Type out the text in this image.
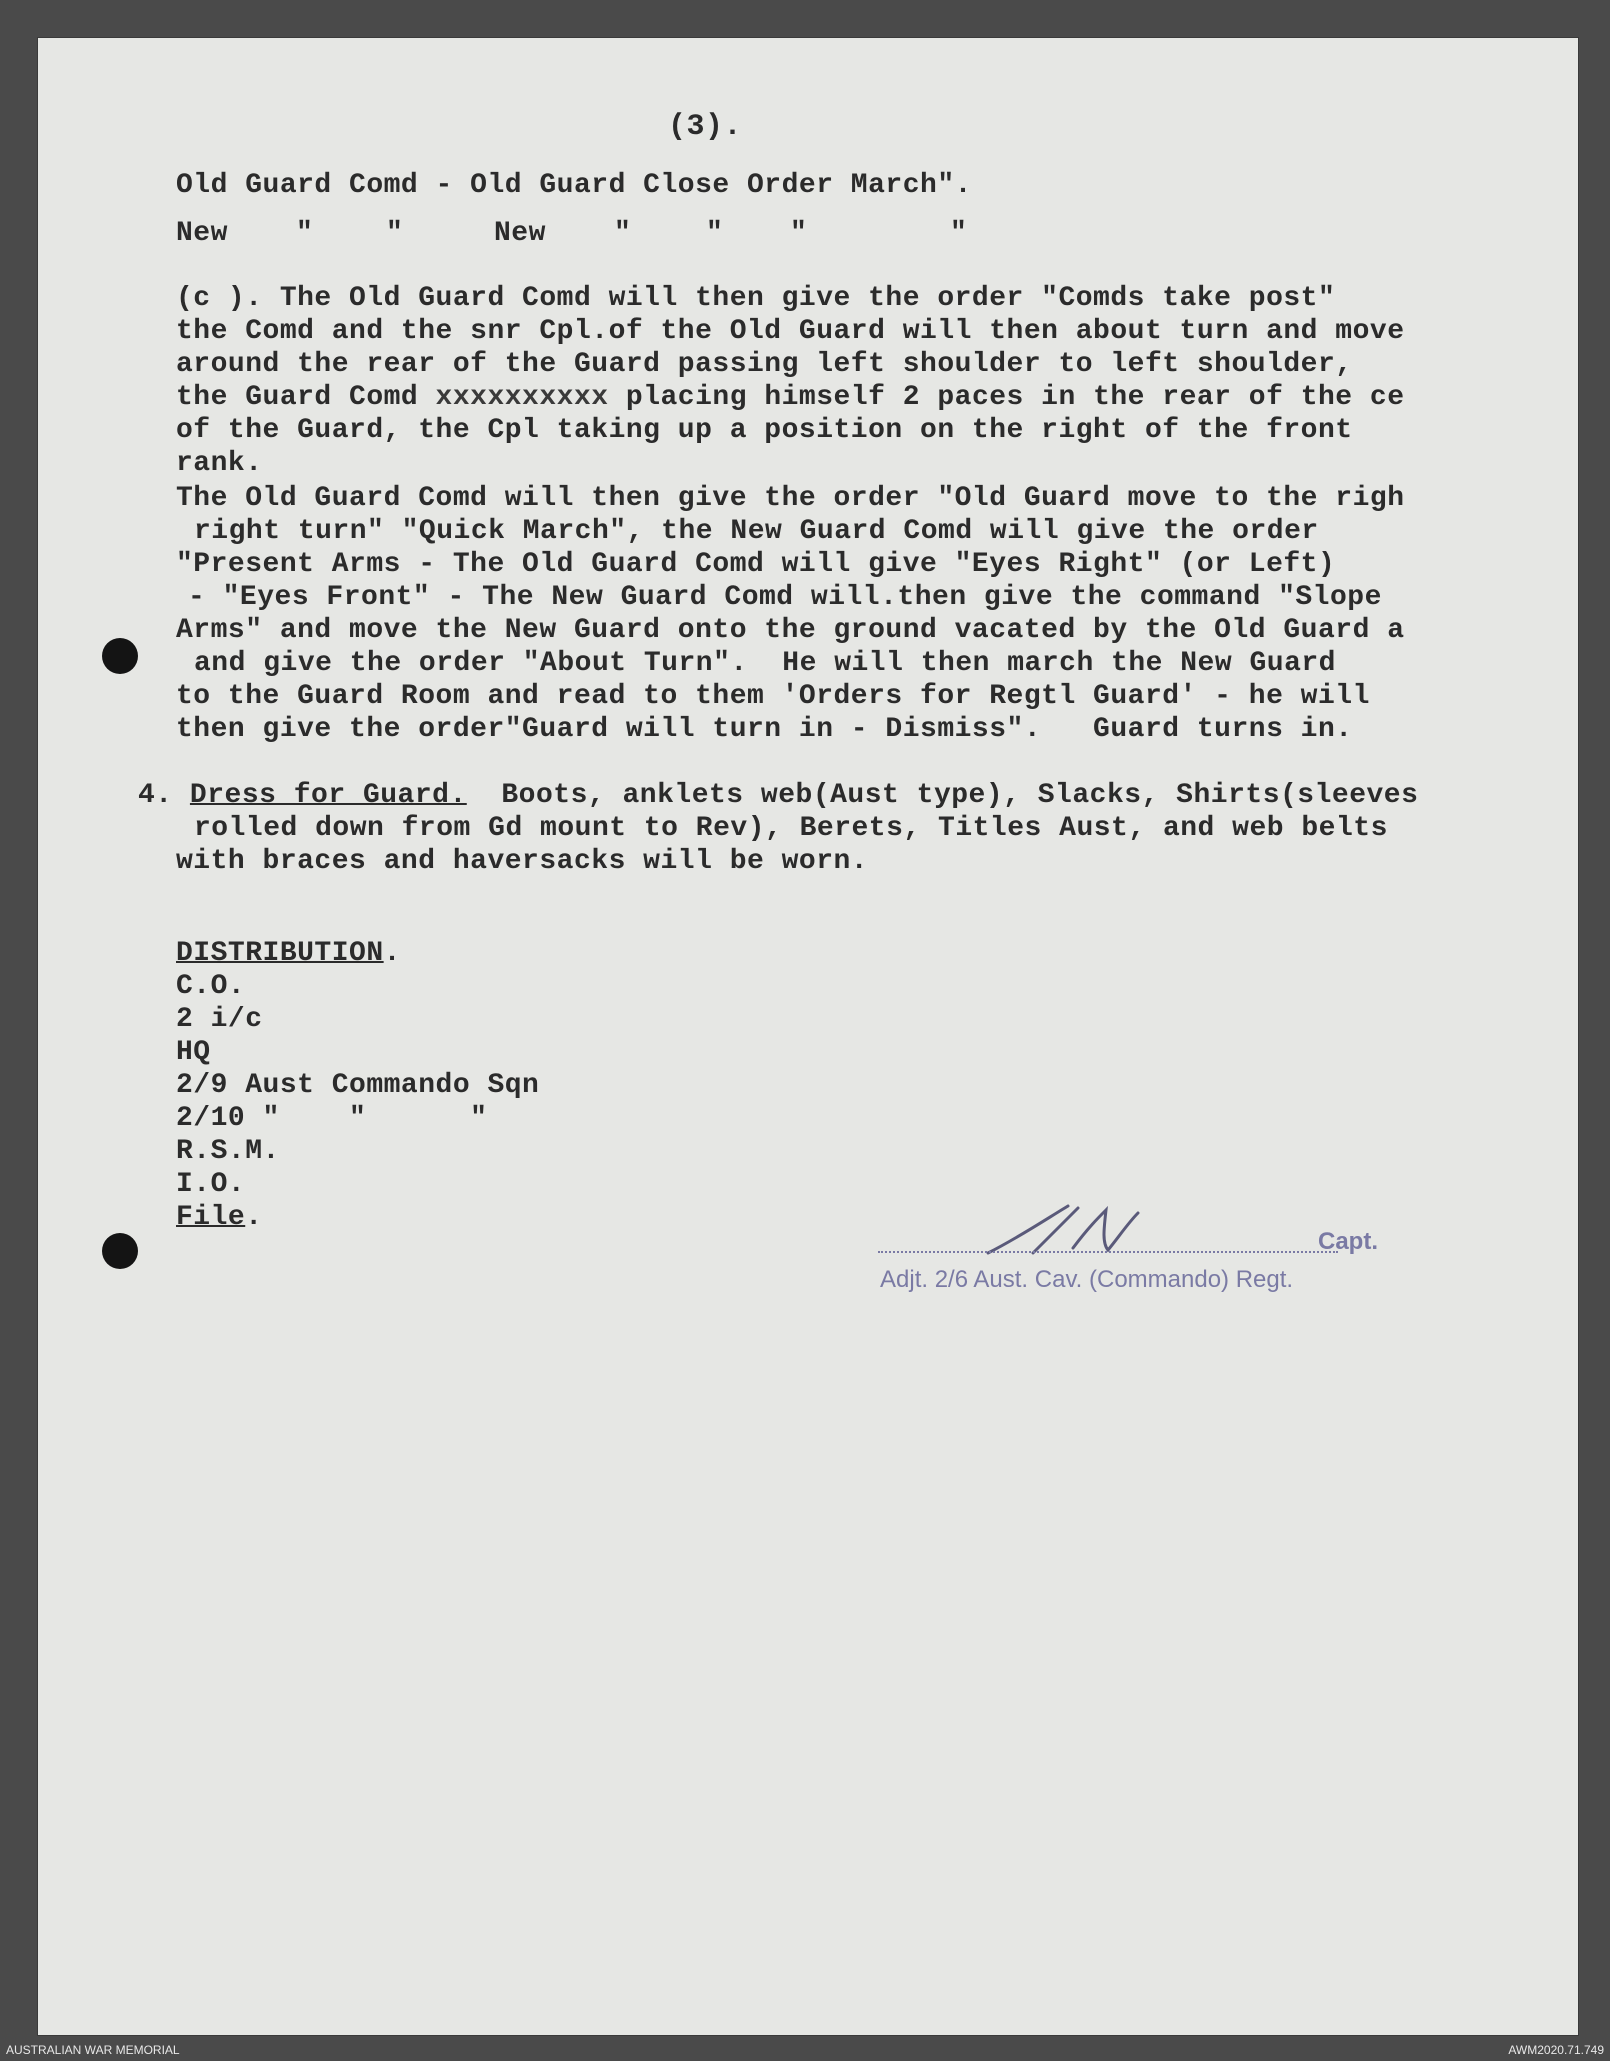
(3).

Old Guard Comd - Old Guard Close Order March".

New

"

	"

	New

"

	"

"

	"

(c ). The Old Guard Comd will then give the order "Comds take post"

the Comd and the snr Cpl.of the Old Guard will then about turn and move

around the rear of the Guard passing left shoulder to left shoulder,

the Guard Comd xxxxxxxxxx placing himself 2 paces in the rear of the ce

of the Guard, the Cpl taking up a position on the right of the front

rank.

The Old Guard Comd will then give the order "Old Guard move to the righ

right turn" "Quick March", the New Guard Comd will give the order

"Present Arms - The Old Guard Comd will give "Eyes Right" (or Left)

- "Eyes Front" - The New Guard Comd will.then give the command "Slope

Arms" and move the New Guard onto the ground vacated by the Old Guard a

and give the order "About Turn".  He will then march the New Guard

to the Guard Room and read to them 'Orders for Regtl Guard' - he will

then give the order"Guard will turn in - Dismiss".   Guard turns in.

4. Dress for Guard.  Boots, anklets web(Aust type), Slacks, Shirts(sleeves

rolled down from Gd mount to Rev), Berets, Titles Aust, and web belts

with braces and haversacks will be worn.

DISTRIBUTION.

C.O.

2 i/c

HQ

2/9 Aust Commando Sqn

2/10 "    "      "

R.S.M.

I.O.

File.

Capt.
Adjt. 2/6 Aust. Cav. (Commando) Regt.
AUSTRALIAN WAR MEMORIAL	AWM2020.71.749
